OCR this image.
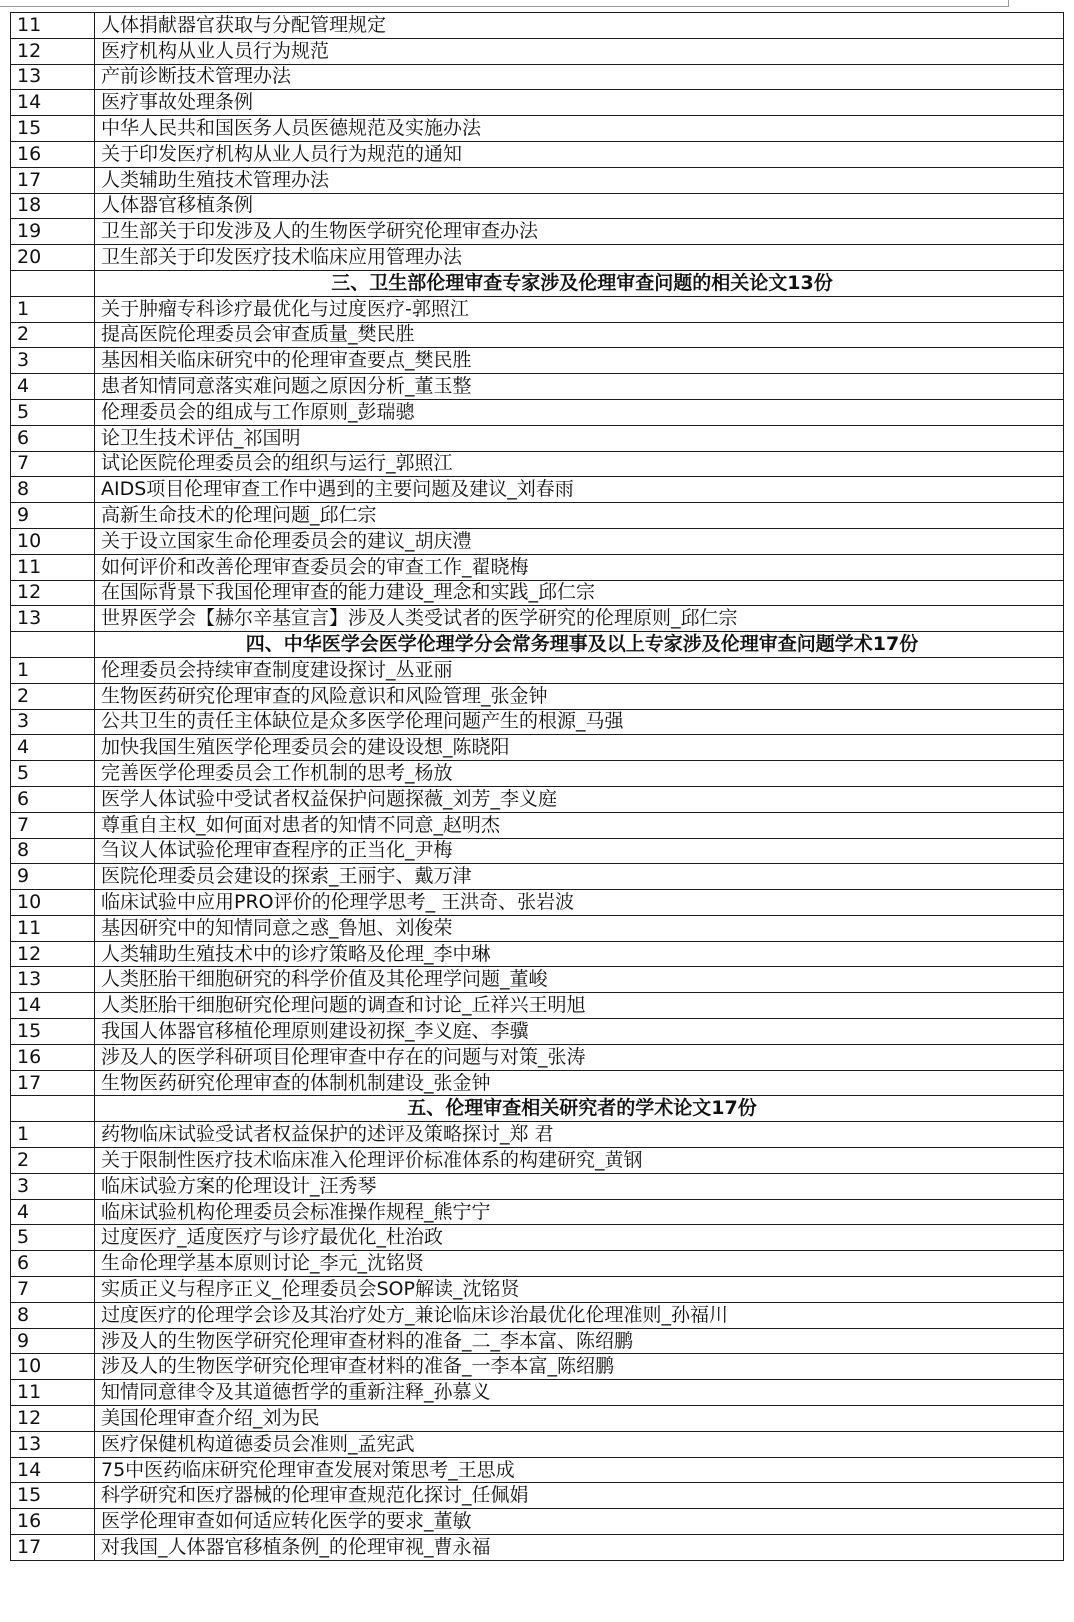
11	人体捐献器官获取与分配管理规定
12	医疗机构从业人员行为规范
13	产前诊断技术管理办法
14	医疗事故处理条例
15	中华人民共和国医务人员医德规范及实施办法
16	关于印发医疗机构从业人员行为规范的通知
17	人类辅助生殖技术管理办法
18	人体器官移植条例
19	卫生部关于印发涉及人的生物医学研究伦理审查办法
20	卫生部关于印发医疗技术临床应用管理办法
	三、卫生部伦理审查专家涉及伦理审查问题的相关论文13份
1	关于肿瘤专科诊疗最优化与过度医疗-郭照江
2	提高医院伦理委员会审查质量_樊民胜
3	基因相关临床研究中的伦理审查要点_樊民胜
4	患者知情同意落实难问题之原因分析_董玉整
5	伦理委员会的组成与工作原则_彭瑞骢
6	论卫生技术评估_祁国明
7	试论医院伦理委员会的组织与运行_郭照江
8	AIDS项目伦理审查工作中遇到的主要问题及建议_刘春雨
9	高新生命技术的伦理问题_邱仁宗
10	关于设立国家生命伦理委员会的建议_胡庆澧
11	如何评价和改善伦理审查委员会的审查工作_翟晓梅
12	在国际背景下我国伦理审查的能力建设_理念和实践_邱仁宗
13	世界医学会【赫尔辛基宣言】涉及人类受试者的医学研究的伦理原则_邱仁宗
	四、中华医学会医学伦理学分会常务理事及以上专家涉及伦理审查问题学术17份
1	伦理委员会持续审查制度建设探讨_丛亚丽
2	生物医药研究伦理审查的风险意识和风险管理_张金钟
3	公共卫生的责任主体缺位是众多医学伦理问题产生的根源_马强
4	加快我国生殖医学伦理委员会的建设设想_陈晓阳
5	完善医学伦理委员会工作机制的思考_杨放
6	医学人体试验中受试者权益保护问题探薇_刘芳_李义庭
7	尊重自主权_如何面对患者的知情不同意_赵明杰
8	刍议人体试验伦理审查程序的正当化_尹梅
9	医院伦理委员会建设的探索_王丽宇、戴万津
10	临床试验中应用PRO评价的伦理学思考_ 王洪奇、张岩波
11	基因研究中的知情同意之惑_鲁旭、刘俊荣
12	人类辅助生殖技术中的诊疗策略及伦理_李中琳
13	人类胚胎干细胞研究的科学价值及其伦理学问题_董峻
14	人类胚胎干细胞研究伦理问题的调查和讨论_丘祥兴王明旭
15	我国人体器官移植伦理原则建设初探_李义庭、李骥
16	涉及人的医学科研项目伦理审查中存在的问题与对策_张涛
17	生物医药研究伦理审查的体制机制建设_张金钟
	五、伦理审查相关研究者的学术论文17份
1	药物临床试验受试者权益保护的述评及策略探讨_郑 君
2	关于限制性医疗技术临床准入伦理评价标准体系的构建研究_黄钢
3	临床试验方案的伦理设计_汪秀琴
4	临床试验机构伦理委员会标准操作规程_熊宁宁
5	过度医疗_适度医疗与诊疗最优化_杜治政
6	生命伦理学基本原则讨论_李元_沈铭贤
7	实质正义与程序正义_伦理委员会SOP解读_沈铭贤
8	过度医疗的伦理学会诊及其治疗处方_兼论临床诊治最优化伦理准则_孙福川
9	涉及人的生物医学研究伦理审查材料的准备_二_李本富、陈绍鹏
10	涉及人的生物医学研究伦理审查材料的准备_一李本富_陈绍鹏
11	知情同意律令及其道德哲学的重新注释_孙慕义
12	美国伦理审查介绍_刘为民
13	医疗保健机构道德委员会准则_孟宪武
14	75中医药临床研究伦理审查发展对策思考_王思成
15	科学研究和医疗器械的伦理审查规范化探讨_任佩娟
16	医学伦理审查如何适应转化医学的要求_董敏
17	对我国_人体器官移植条例_的伦理审视_曹永福
